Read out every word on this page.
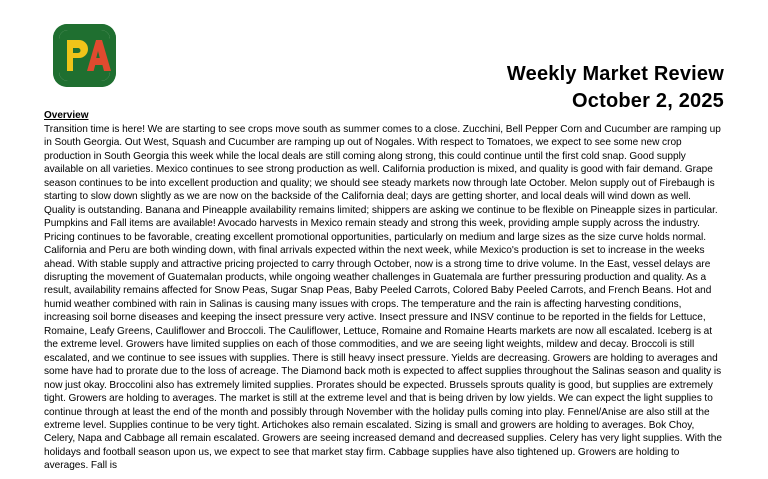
Weekly Market Review
October 2, 2025
Overview
Transition time is here! We are starting to see crops move south as summer comes to a close. Zucchini, Bell Pepper Corn and Cucumber are ramping up in South Georgia. Out West, Squash and Cucumber are ramping up out of Nogales. With respect to Tomatoes, we expect to see some new crop production in South Georgia this week while the local deals are still coming along strong, this could continue until the first cold snap. Good supply available on all varieties. Mexico continues to see strong production as well. California production is mixed, and quality is good with fair demand. Grape season continues to be into excellent production and quality; we should see steady markets now through late October. Melon supply out of Firebaugh is starting to slow down slightly as we are now on the backside of the California deal; days are getting shorter, and local deals will wind down as well. Quality is outstanding. Banana and Pineapple availability remains limited; shippers are asking we continue to be flexible on Pineapple sizes in particular. Pumpkins and Fall items are available! Avocado harvests in Mexico remain steady and strong this week, providing ample supply across the industry. Pricing continues to be favorable, creating excellent promotional opportunities, particularly on medium and large sizes as the size curve holds normal. California and Peru are both winding down, with final arrivals expected within the next week, while Mexico's production is set to increase in the weeks ahead. With stable supply and attractive pricing projected to carry through October, now is a strong time to drive volume. In the East, vessel delays are disrupting the movement of Guatemalan products, while ongoing weather challenges in Guatemala are further pressuring production and quality. As a result, availability remains affected for Snow Peas, Sugar Snap Peas, Baby Peeled Carrots, Colored Baby Peeled Carrots, and French Beans. Hot and humid weather combined with rain in Salinas is causing many issues with crops. The temperature and the rain is affecting harvesting conditions, increasing soil borne diseases and keeping the insect pressure very active. Insect pressure and INSV continue to be reported in the fields for Lettuce, Romaine, Leafy Greens, Cauliflower and Broccoli. The Cauliflower, Lettuce, Romaine and Romaine Hearts markets are now all escalated. Iceberg is at the extreme level. Growers have limited supplies on each of those commodities, and we are seeing light weights, mildew and decay. Broccoli is still escalated, and we continue to see issues with supplies. There is still heavy insect pressure. Yields are decreasing. Growers are holding to averages and some have had to prorate due to the loss of acreage. The Diamond back moth is expected to affect supplies throughout the Salinas season and quality is now just okay. Broccolini also has extremely limited supplies. Prorates should be expected. Brussels sprouts quality is good, but supplies are extremely tight. Growers are holding to averages. The market is still at the extreme level and that is being driven by low yields. We can expect the light supplies to continue through at least the end of the month and possibly through November with the holiday pulls coming into play. Fennel/Anise are also still at the extreme level. Supplies continue to be very tight. Artichokes also remain escalated. Sizing is small and growers are holding to averages. Bok Choy, Celery, Napa and Cabbage all remain escalated. Growers are seeing increased demand and decreased supplies. Celery has very light supplies. With the holidays and football season upon us, we expect to see that market stay firm. Cabbage supplies have also tightened up. Growers are holding to averages. Fall is
